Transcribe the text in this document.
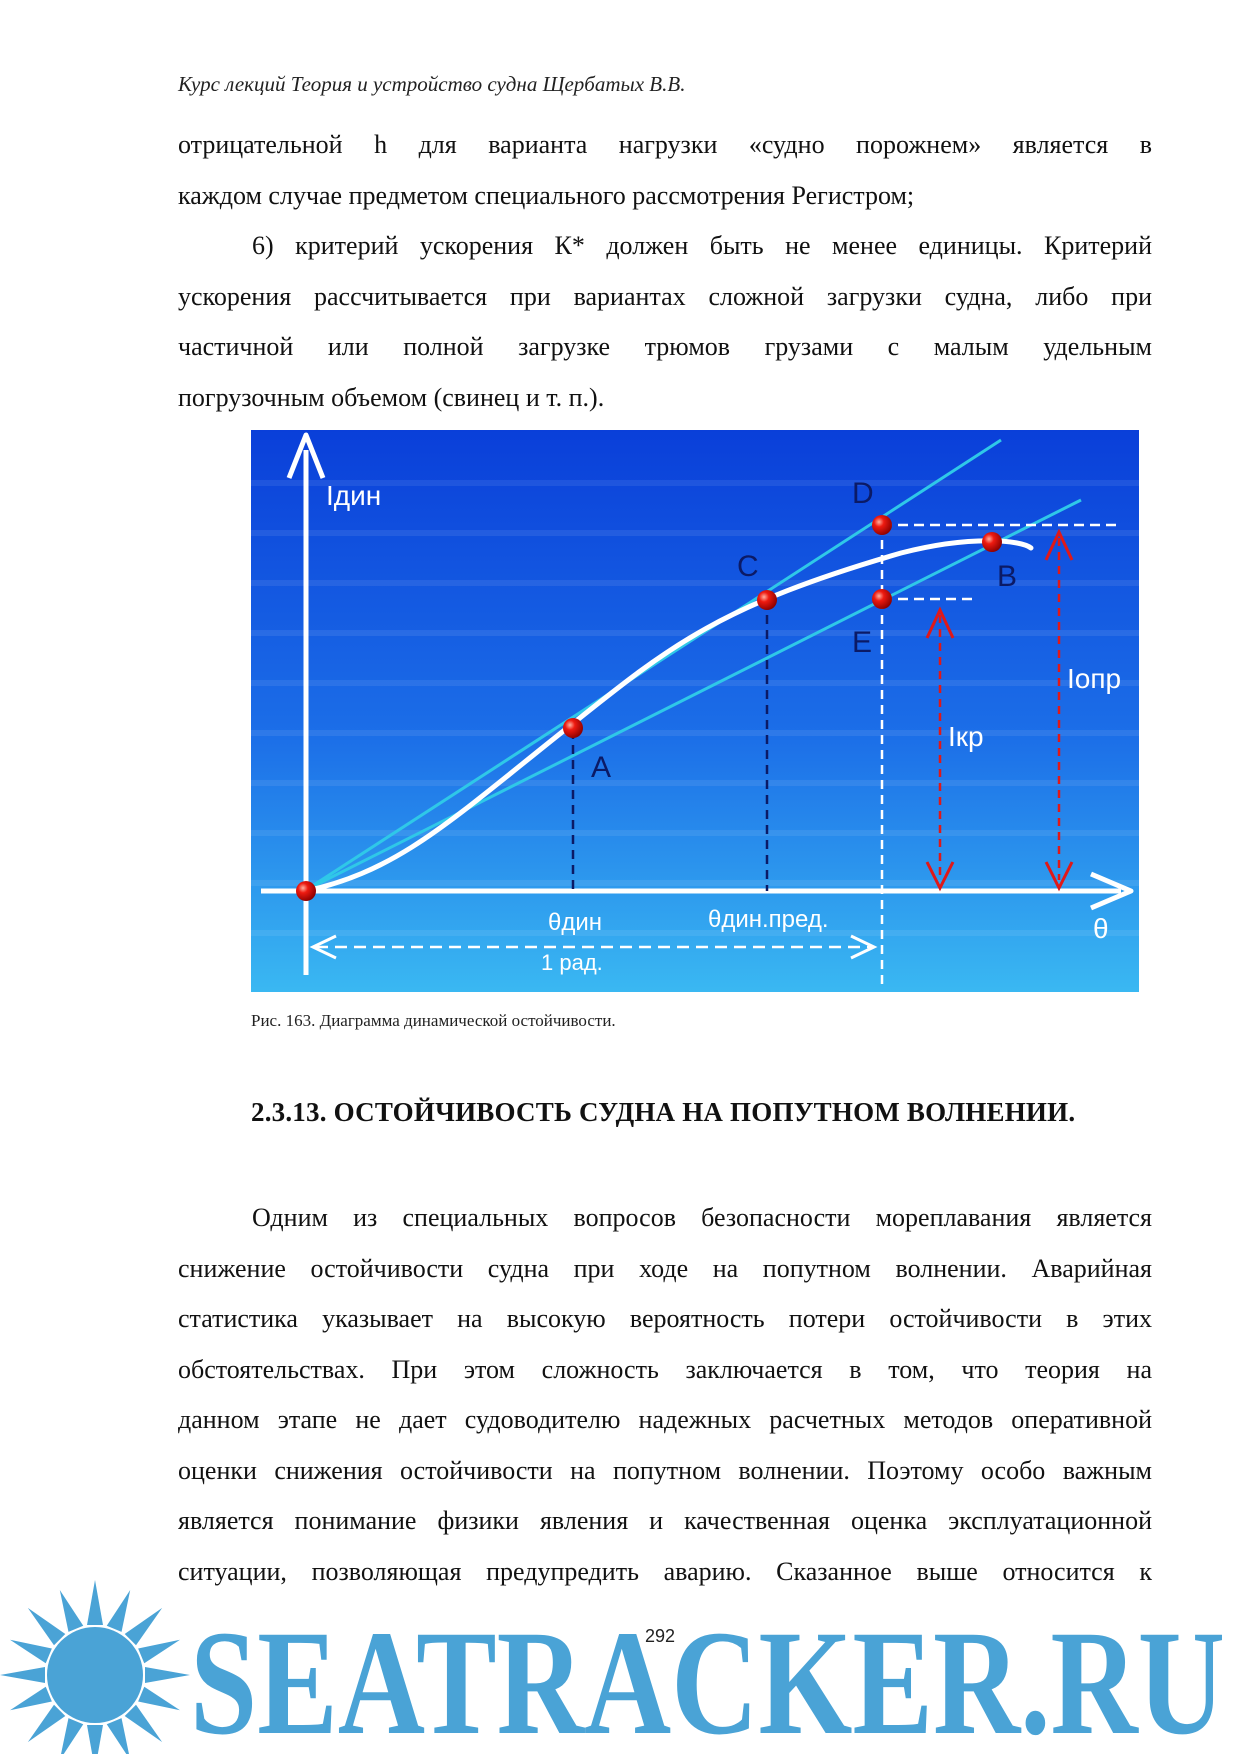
Курс лекций Теория и устройство судна Щербатых В.В.
отрицательной h для варианта нагрузки «судно порожнем» является в
каждом случае предметом специального рассмотрения Регистром;
6) критерий ускорения К* должен быть не менее единицы. Критерий
ускорения рассчитывается при вариантах сложной загрузки судна, либо при
частичной или полной загрузке трюмов грузами с малым удельным
погрузочным объемом (свинец и т. п.).
Iдин
θ
A
B
C
D
E
θдин	θдин.пред.
1 рад.
Iкр
Iопр
Рис. 163. Диаграмма динамической остойчивости.
2.3.13. ОСТОЙЧИВОСТЬ СУДНА НА ПОПУТНОМ ВОЛНЕНИИ.
Одним из специальных вопросов безопасности мореплавания является
снижение остойчивости судна при ходе на попутном волнении. Аварийная
статистика указывает на высокую вероятность потери остойчивости в этих
обстоятельствах. При этом сложность заключается в том, что теория на
данном этапе не дает судоводителю надежных расчетных методов оперативной
оценки снижения остойчивости на попутном волнении. Поэтому особо важным
является понимание физики явления и качественная оценка эксплуатационной
ситуации, позволяющая предупредить аварию. Сказанное выше относится к
SEATRACKER.RU
292
